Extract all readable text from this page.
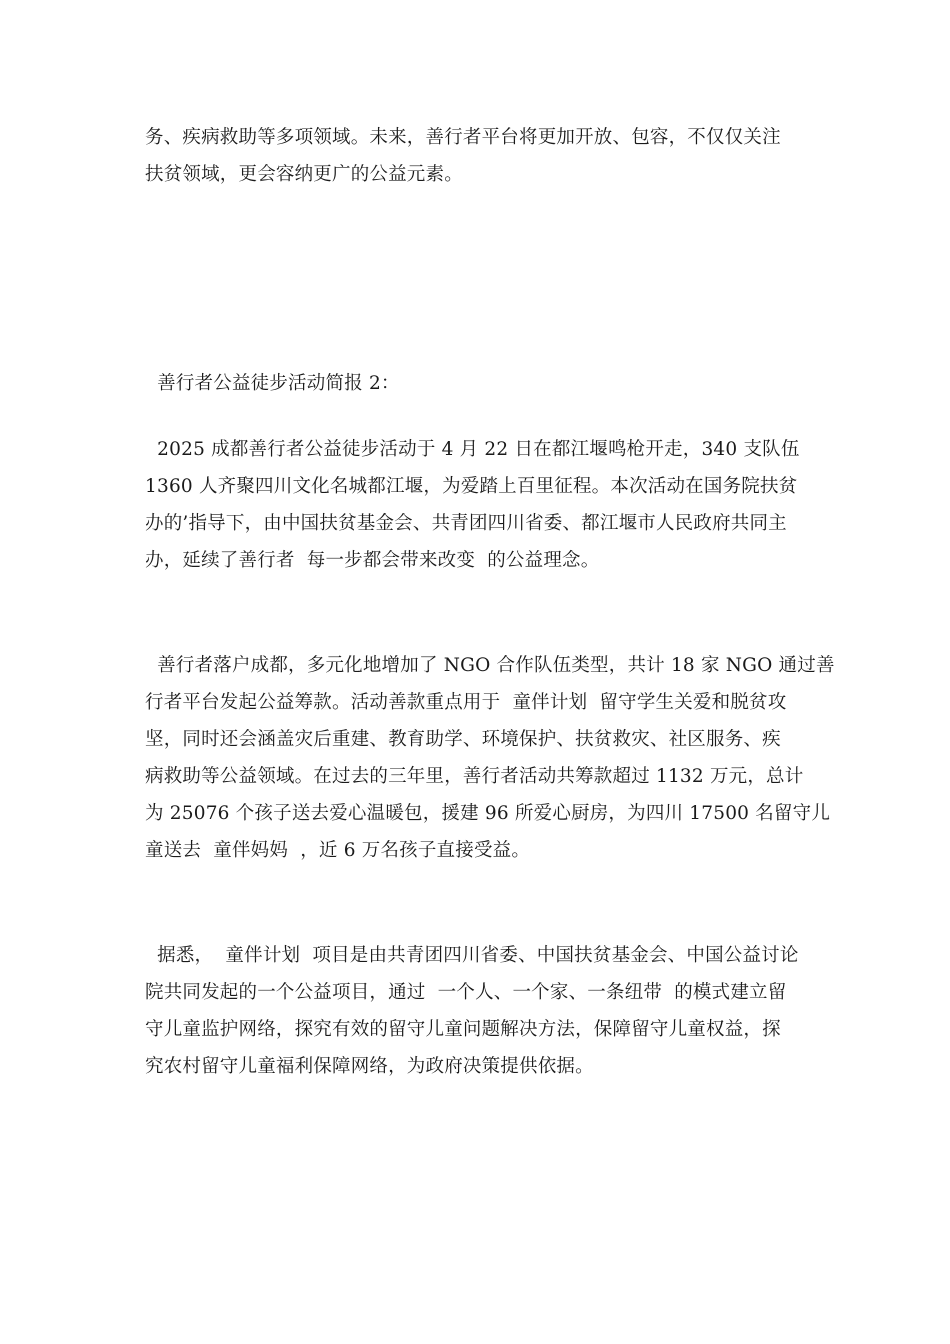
务、疾病救助等多项领域。未来，善行者平台将更加开放、包容，不仅仅关注
扶贫领域，更会容纳更广的公益元素。

善行者公益徒步活动简报 2：

2025 成都善行者公益徒步活动于 4 月 22 日在都江堰鸣枪开走，340 支队伍
1360 人齐聚四川文化名城都江堰，为爱踏上百里征程。本次活动在国务院扶贫
办的’指导下，由中国扶贫基金会、共青团四川省委、都江堰市人民政府共同主
办，延续了善行者  每一步都会带来改变  的公益理念。

善行者落户成都，多元化地增加了 NGO 合作队伍类型，共计 18 家 NGO 通过善
行者平台发起公益筹款。活动善款重点用于  童伴计划  留守学生关爱和脱贫攻
坚，同时还会涵盖灾后重建、教育助学、环境保护、扶贫救灾、社区服务、疾
病救助等公益领域。在过去的三年里，善行者活动共筹款超过 1132 万元，总计
为 25076 个孩子送去爱心温暖包，援建 96 所爱心厨房，为四川 17500 名留守儿
童送去  童伴妈妈  ，近 6 万名孩子直接受益。

据悉，  童伴计划  项目是由共青团四川省委、中国扶贫基金会、中国公益讨论
院共同发起的一个公益项目，通过  一个人、一个家、一条纽带  的模式建立留
守儿童监护网络，探究有效的留守儿童问题解决方法，保障留守儿童权益，探
究农村留守儿童福利保障网络，为政府决策提供依据。
